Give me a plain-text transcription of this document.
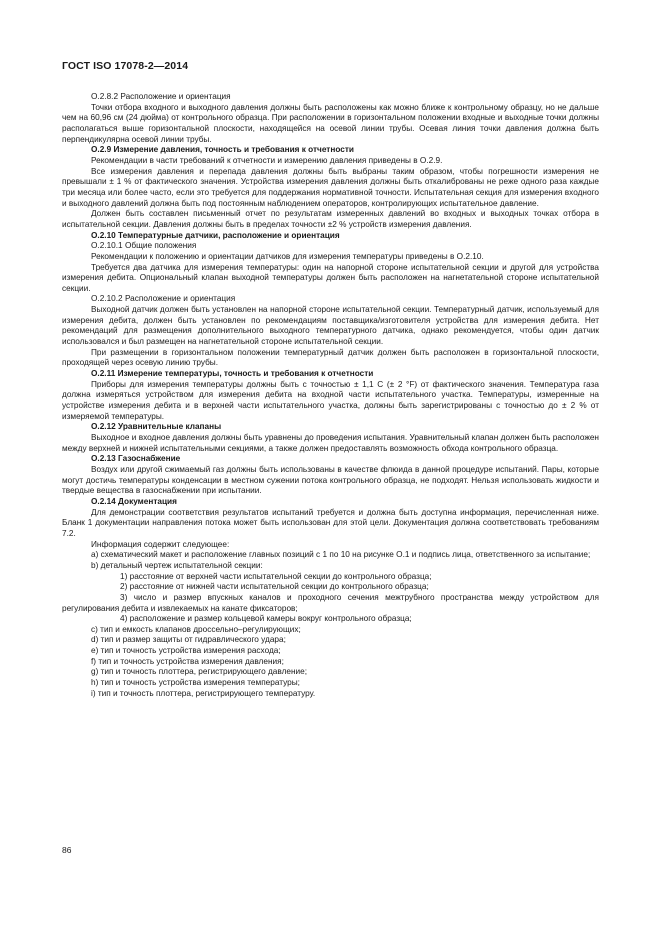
ГОСТ ISO 17078-2—2014

О.2.8.2 Расположение и ориентация

Точки отбора входного и выходного давления должны быть расположены как можно ближе к контрольному образцу, но не дальше чем на 60,96 см (24 дюйма) от контрольного образца. При расположении в горизонтальном положении входные и выходные точки должны располагаться выше горизонтальной плоскости, находящейся на осевой линии трубы. Осевая линия точки давления должна быть перпендикулярна осевой линии трубы.

О.2.9 Измерение давления, точность и требования к отчетности

Рекомендации в части требований к отчетности и измерению давления приведены в О.2.9.

Все измерения давления и перепада давления должны быть выбраны таким образом, чтобы погрешности измерения не превышали ± 1 % от фактического значения. Устройства измерения давления должны быть откалиброваны не реже одного раза каждые три месяца или более часто, если это требуется для поддержания нормативной точности. Испытательная секция для измерения входного и выходного давлений должна быть под постоянным наблюдением операторов, контролирующих испытательное давление.

Должен быть составлен письменный отчет по результатам измеренных давлений во входных и выходных точках отбора в испытательной секции. Давления должны быть в пределах точности ±2 % устройств измерения давления.

О.2.10 Температурные датчики, расположение и ориентация

О.2.10.1 Общие положения

Рекомендации к положению и ориентации датчиков для измерения температуры приведены в О.2.10.

Требуется два датчика для измерения температуры: один на напорной стороне испытательной секции и другой для устройства измерения дебита. Опциональный клапан выходной температуры должен быть расположен на нагнетательной стороне испытательной секции.

О.2.10.2 Расположение и ориентация

Выходной датчик должен быть установлен на напорной стороне испытательной секции. Температурный датчик, используемый для измерения дебита, должен быть установлен по рекомендациям поставщика/изготовителя устройства для измерения дебита. Нет рекомендаций для размещения дополнительного выходного температурного датчика, однако рекомендуется, чтобы один датчик использовался и был размещен на нагнетательной стороне испытательной секции.

При размещении в горизонтальном положении температурный датчик должен быть расположен в горизонтальной плоскости, проходящей через осевую линию трубы.

О.2.11 Измерение температуры, точность и требования к отчетности

Приборы для измерения температуры должны быть с точностью ± 1,1 С (± 2 °F) от фактического значения. Температура газа должна измеряться устройством для измерения дебита на входной части испытательного участка. Температуры, измеренные на устройстве измерения дебита и в верхней части испытательного участка, должны быть зарегистрированы с точностью до ± 2 % от измеряемой температуры.

О.2.12 Уравнительные клапаны

Выходное и входное давления должны быть уравнены до проведения испытания. Уравнительный клапан должен быть расположен между верхней и нижней испытательными секциями, а также должен предоставлять возможность обхода контрольного образца.

О.2.13 Газоснабжение

Воздух или другой сжимаемый газ должны быть использованы в качестве флюида в данной процедуре испытаний. Пары, которые могут достичь температуры конденсации в местном сужении потока контрольного образца, не подходят. Нельзя использовать жидкости и твердые вещества в газоснабжении при испытании.

О.2.14 Документация

Для демонстрации соответствия результатов испытаний требуется и должна быть доступна информация, перечисленная ниже. Бланк 1 документации направления потока может быть использован для этой цели. Документация должна соответствовать требованиям 7.2.

Информация содержит следующее:

а) схематический макет и расположение главных позиций с 1 по 10 на рисунке О.1 и подпись лица, ответственного за испытание;

b) детальный чертеж испытательной секции:

1) расстояние от верхней части испытательной секции до контрольного образца;

2) расстояние от нижней части испытательной секции до контрольного образца;

3) число и размер впускных каналов и проходного сечения межтрубного пространства между устройством для регулирования дебита и извлекаемых на канате фиксаторов;

4) расположение и размер кольцевой камеры вокруг контрольного образца;

с) тип и емкость клапанов дроссельно–регулирующих;

d) тип и размер защиты от гидравлического удара;

е) тип и точность устройства измерения расхода;

f) тип и точность устройства измерения давления;

g) тип и точность плоттера, регистрирующего давление;

h) тип и точность устройства измерения температуры;

i) тип и точность плоттера, регистрирующего температуру.

86
